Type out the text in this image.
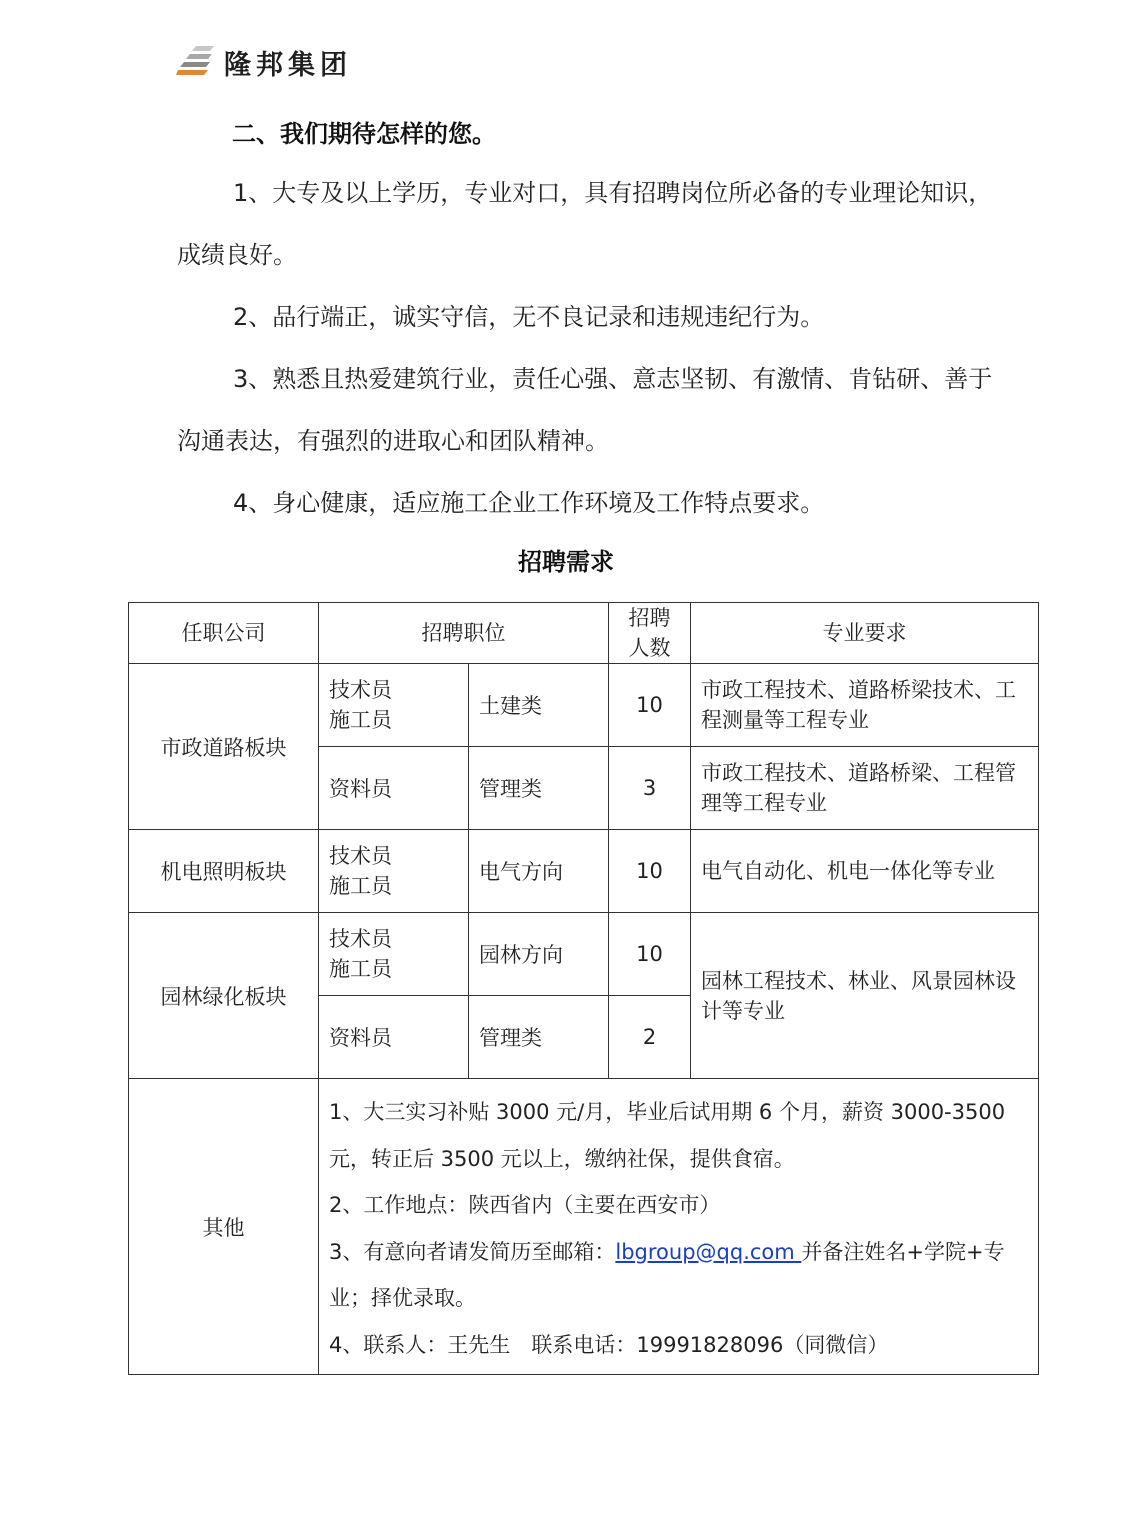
隆邦集团
二、我们期待怎样的您。
1、大专及以上学历，专业对口，具有招聘岗位所必备的专业理论知识，成绩良好。
2、品行端正，诚实守信，无不良记录和违规违纪行为。
3、熟悉且热爱建筑行业，责任心强、意志坚韧、有激情、肯钻研、善于沟通表达，有强烈的进取心和团队精神。
4、身心健康，适应施工企业工作环境及工作特点要求。
招聘需求
任职公司	招聘职位		招聘人数	专业要求
市政道路板块	技术员 施工员	土建类	10	市政工程技术、道路桥梁技术、工程测量等工程专业
	资料员	管理类	3	市政工程技术、道路桥梁、工程管理等工程专业
机电照明板块	技术员 施工员	电气方向	10	电气自动化、机电一体化等专业
园林绿化板块	技术员 施工员	园林方向	10	园林工程技术、林业、风景园林设计等专业
	资料员	管理类	2	
其他	1、大三实习补贴 3000 元/月，毕业后试用期 6 个月，薪资 3000-3500 元，转正后 3500 元以上，缴纳社保，提供食宿。
2、工作地点：陕西省内（主要在西安市）
3、有意向者请发简历至邮箱：lbgroup@qq.com 并备注姓名+学院+专业；择优录取。
4、联系人：王先生　联系电话：19991828096（同微信）			
